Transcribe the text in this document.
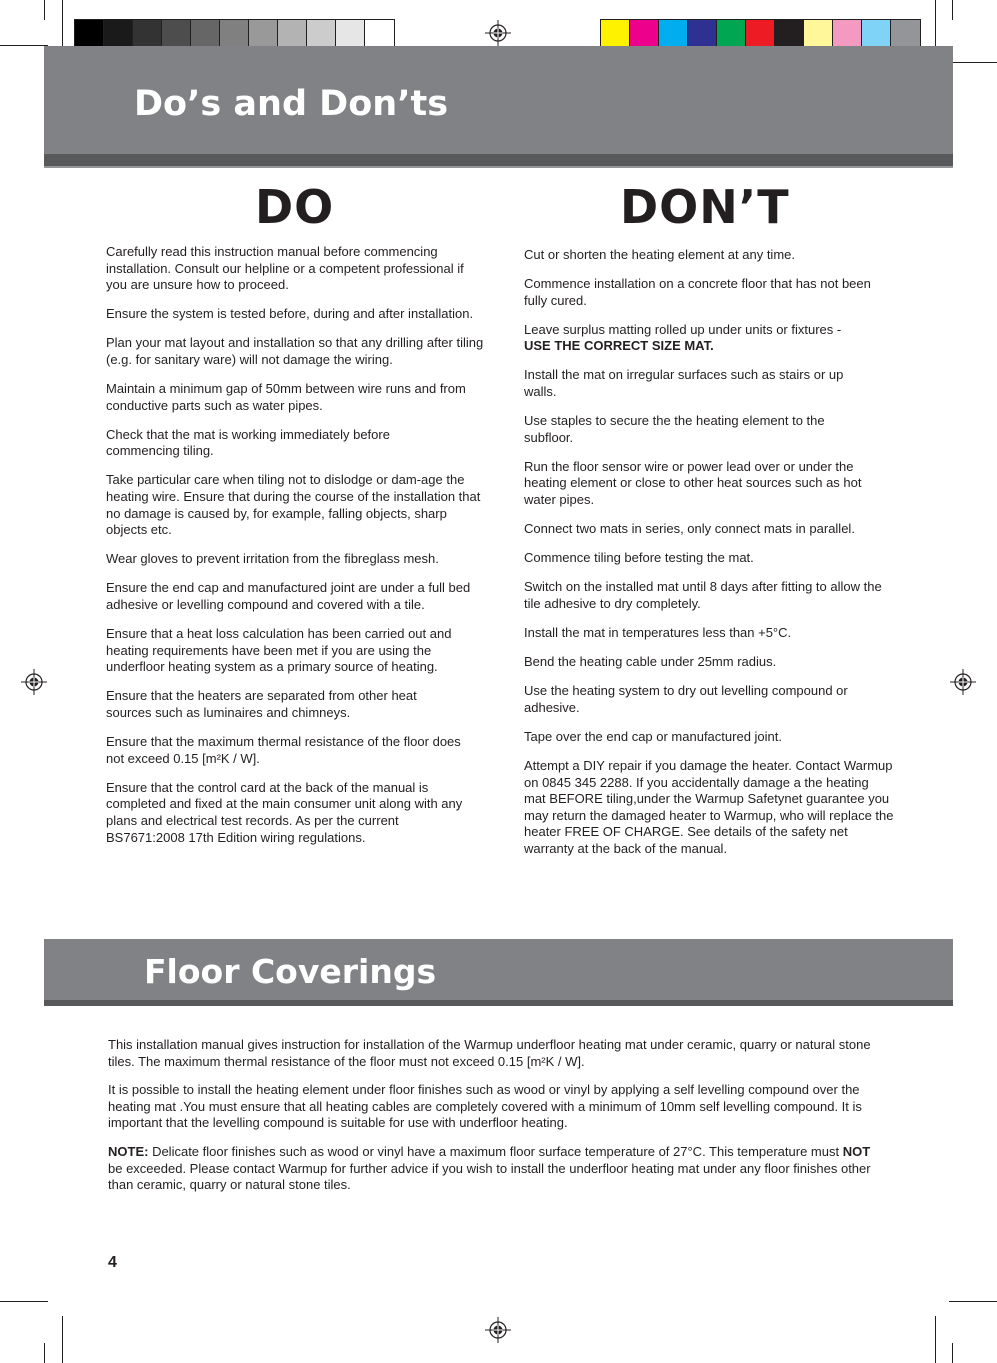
Do’s and Don’ts
DO	DON’T

Carefully read this instruction manual before commencing installation. Consult our helpline or a competent professional if you are unsure how to proceed.

Ensure the system is tested before, during and after installation.

Plan your mat layout and installation so that any drilling after tiling (e.g. for sanitary ware) will not damage the wiring.

Maintain a minimum gap of 50mm between wire runs and from conductive parts such as water pipes.

Check that the mat is working immediately before commencing tiling.

Take particular care when tiling not to dislodge or dam-age the heating wire. Ensure that during the course of the installation that no damage is caused by, for example, falling objects, sharp objects etc.

Wear gloves to prevent irritation from the fibreglass mesh.

Ensure the end cap and manufactured joint are under a full bed adhesive or levelling compound and covered with a tile.

Ensure that a heat loss calculation has been carried out and heating requirements have been met if you are using the underfloor heating system as a primary source of heating.

Ensure that the heaters are separated from other heat sources such as luminaires and chimneys.

Ensure that the maximum thermal resistance of the floor does not exceed 0.15 [m²K / W].

Ensure that the control card at the back of the manual is completed and fixed at the main consumer unit along with any plans and electrical test records. As per the current BS7671:2008 17th Edition wiring regulations.

Cut or shorten the heating element at any time.

Commence installation on a concrete floor that has not been fully cured.

Leave surplus matting rolled up under units or fixtures -
USE THE CORRECT SIZE MAT.

Install the mat on irregular surfaces such as stairs or up walls.

Use staples to secure the the heating element to the subfloor.

Run the floor sensor wire or power lead over or under the heating element or close to other heat sources such as hot water pipes.

Connect two mats in series, only connect mats in parallel.

Commence tiling before testing the mat.

Switch on the installed mat until 8 days after fitting to allow the tile adhesive to dry completely.

Install the mat in temperatures less than +5°C.

Bend the heating cable under 25mm radius.

Use the heating system to dry out levelling compound or adhesive.

Tape over the end cap or manufactured joint.

Attempt a DIY repair if you damage the heater. Contact Warmup on 0845 345 2288. If you accidentally damage a the heating mat BEFORE tiling,under the Warmup Safetynet guarantee you may return the damaged heater to Warmup, who will replace the heater FREE OF CHARGE. See details of the safety net warranty at the back of the manual.

Floor Coverings

This installation manual gives instruction for installation of the Warmup underfloor heating mat under ceramic, quarry or natural stone tiles. The maximum thermal resistance of the floor must not exceed 0.15 [m²K / W].

It is possible to install the heating element under floor finishes such as wood or vinyl by applying a self levelling compound over the heating mat .You must ensure that all heating cables are completely covered with a minimum of 10mm self levelling compound. It is important that the levelling compound is suitable for use with underfloor heating.

NOTE: Delicate floor finishes such as wood or vinyl have a maximum floor surface temperature of 27°C. This temperature must NOT be exceeded. Please contact Warmup for further advice if you wish to install the underfloor heating mat under any floor finishes other than ceramic, quarry or natural stone tiles.

4
